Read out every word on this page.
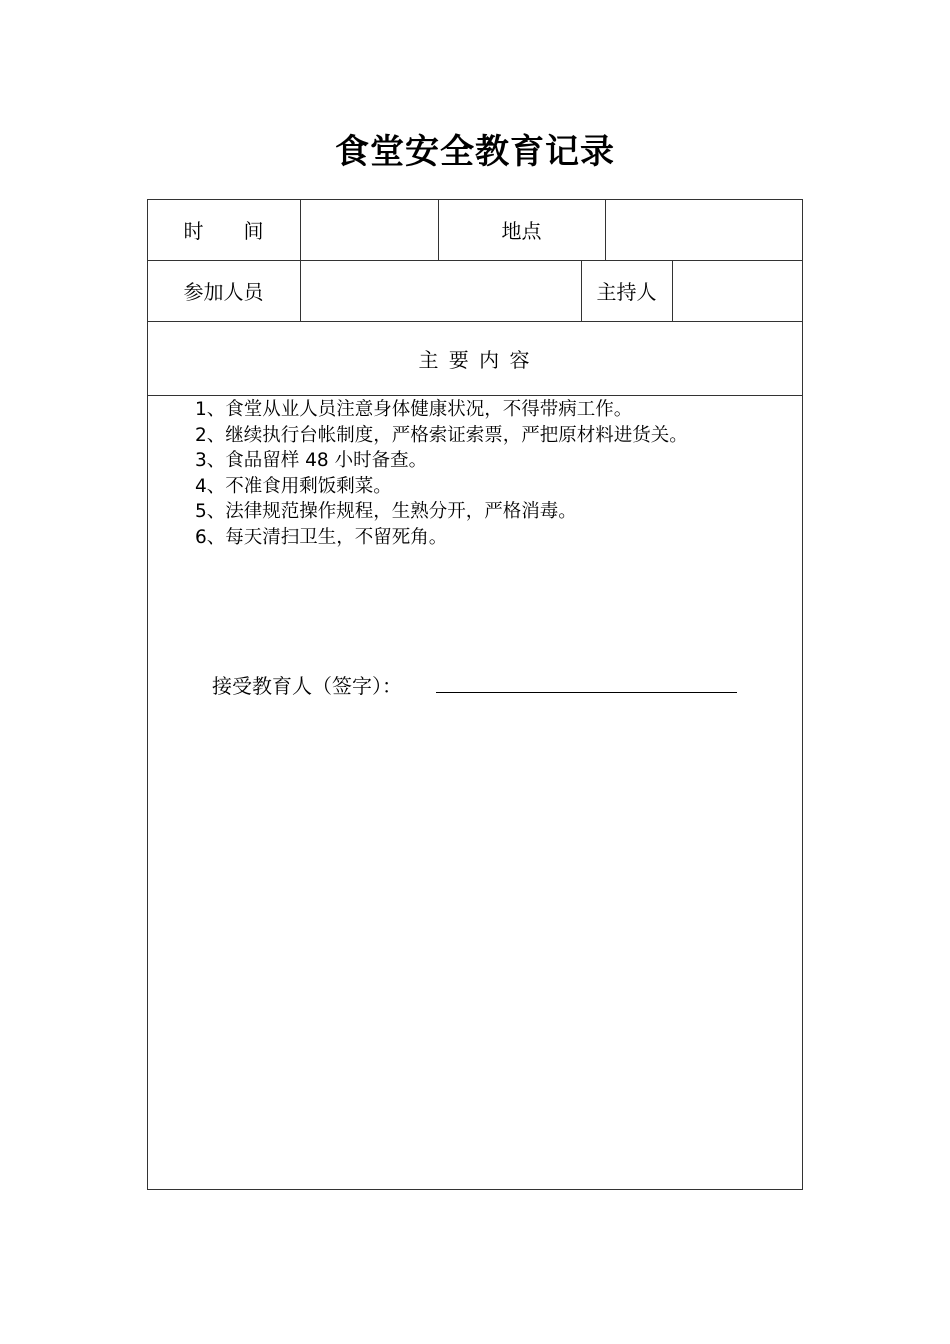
食堂安全教育记录
时　　间	地点
参加人员	主持人
主 要 内 容
1、食堂从业人员注意身体健康状况，不得带病工作。
2、继续执行台帐制度，严格索证索票，严把原材料进货关。
3、食品留样 48 小时备查。
4、不准食用剩饭剩菜。
5、法律规范操作规程，生熟分开，严格消毒。
6、每天清扫卫生，不留死角。
接受教育人（签字）：
